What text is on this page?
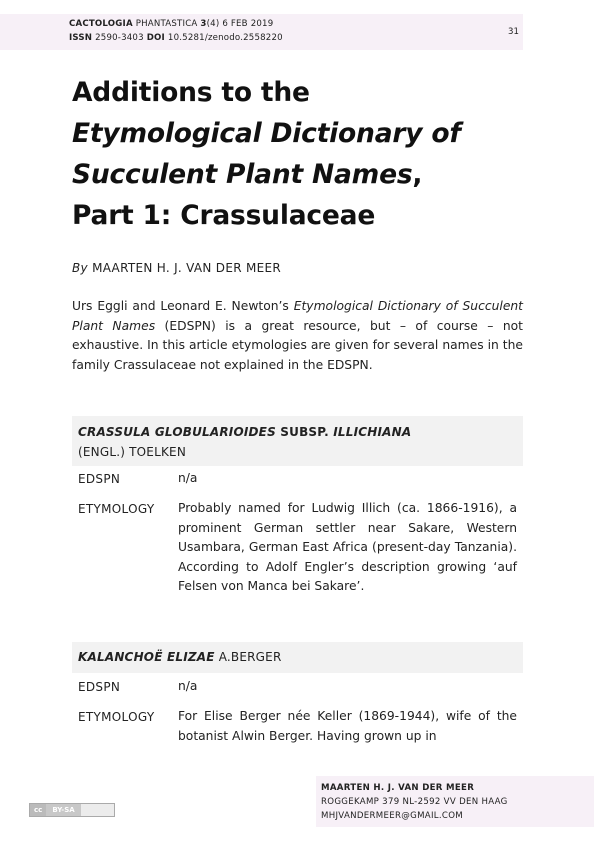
CACTOLOGIA PHANTASTICA 3(4) 6 FEB 2019
ISSN 2590-3403 DOI 10.5281/zenodo.2558220
31
Additions to the
Etymological Dictionary of
Succulent Plant Names,
Part 1: Crassulaceae
By MAARTEN H. J. VAN DER MEER
Urs Eggli and Leonard E. Newton’s Etymological Dictionary of Succulent Plant Names (EDSPN) is a great resource, but – of course – not exhaustive. In this article etymologies are given for several names in the family Crassulaceae not explained in the EDSPN.
CRASSULA GLOBULARIOIDES SUBSP. ILLICHIANA
(ENGL.) TOELKEN
EDSPN	n/a
ETYMOLOGY Probably named for Ludwig Illich (ca. 1866-1916), a prominent German settler near Sakare, Western Usambara, German East Africa (present-day Tanzania). According to Adolf Engler’s description growing ‘auf Felsen von Manca bei Sakare’.
KALANCHOË ELIZAE A.BERGER
EDSPN	n/a
ETYMOLOGY For Elise Berger née Keller (1869-1944), wife of the botanist Alwin Berger. Having grown up in
cc	BY-SA
MAARTEN H. J. VAN DER MEER
ROGGEKAMP 379 NL-2592 VV DEN HAAG
MHJVANDERMEER@GMAIL.COM
